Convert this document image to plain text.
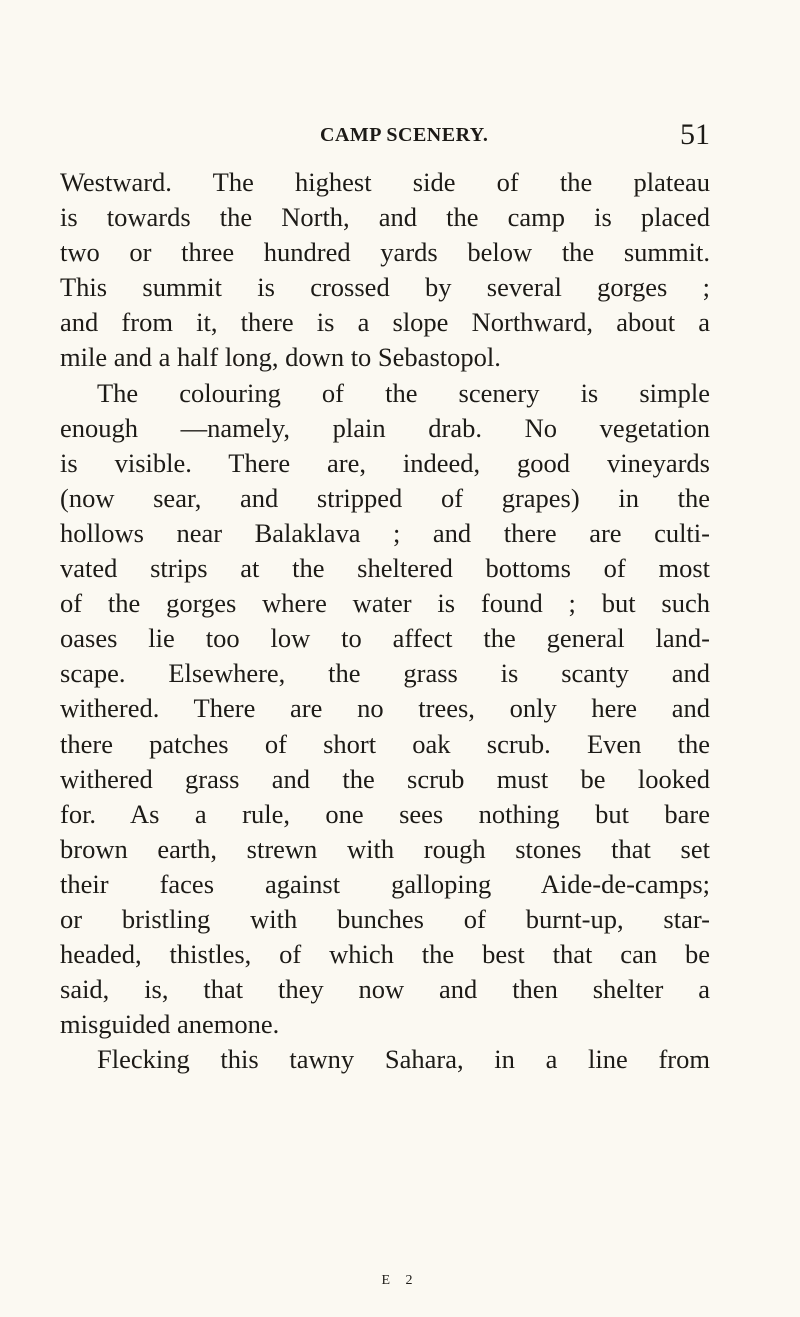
CAMP SCENERY.	51
Westward. The highest side of the plateau
is towards the North, and the camp is placed
two or three hundred yards below the summit.
This summit is crossed by several gorges ;
and from it, there is a slope Northward, about a
mile and a half long, down to Sebastopol.
The colouring of the scenery is simple
enough —namely, plain drab. No vegetation
is visible. There are, indeed, good vineyards
(now sear, and stripped of grapes) in the
hollows near Balaklava ; and there are culti-
vated strips at the sheltered bottoms of most
of the gorges where water is found ; but such
oases lie too low to affect the general land-
scape. Elsewhere, the grass is scanty and
withered. There are no trees, only here and
there patches of short oak scrub. Even the
withered grass and the scrub must be looked
for. As a rule, one sees nothing but bare
brown earth, strewn with rough stones that set
their faces against galloping Aide-de-camps;
or bristling with bunches of burnt-up, star-
headed, thistles, of which the best that can be
said, is, that they now and then shelter a
misguided anemone.
Flecking this tawny Sahara, in a line from
E 2
